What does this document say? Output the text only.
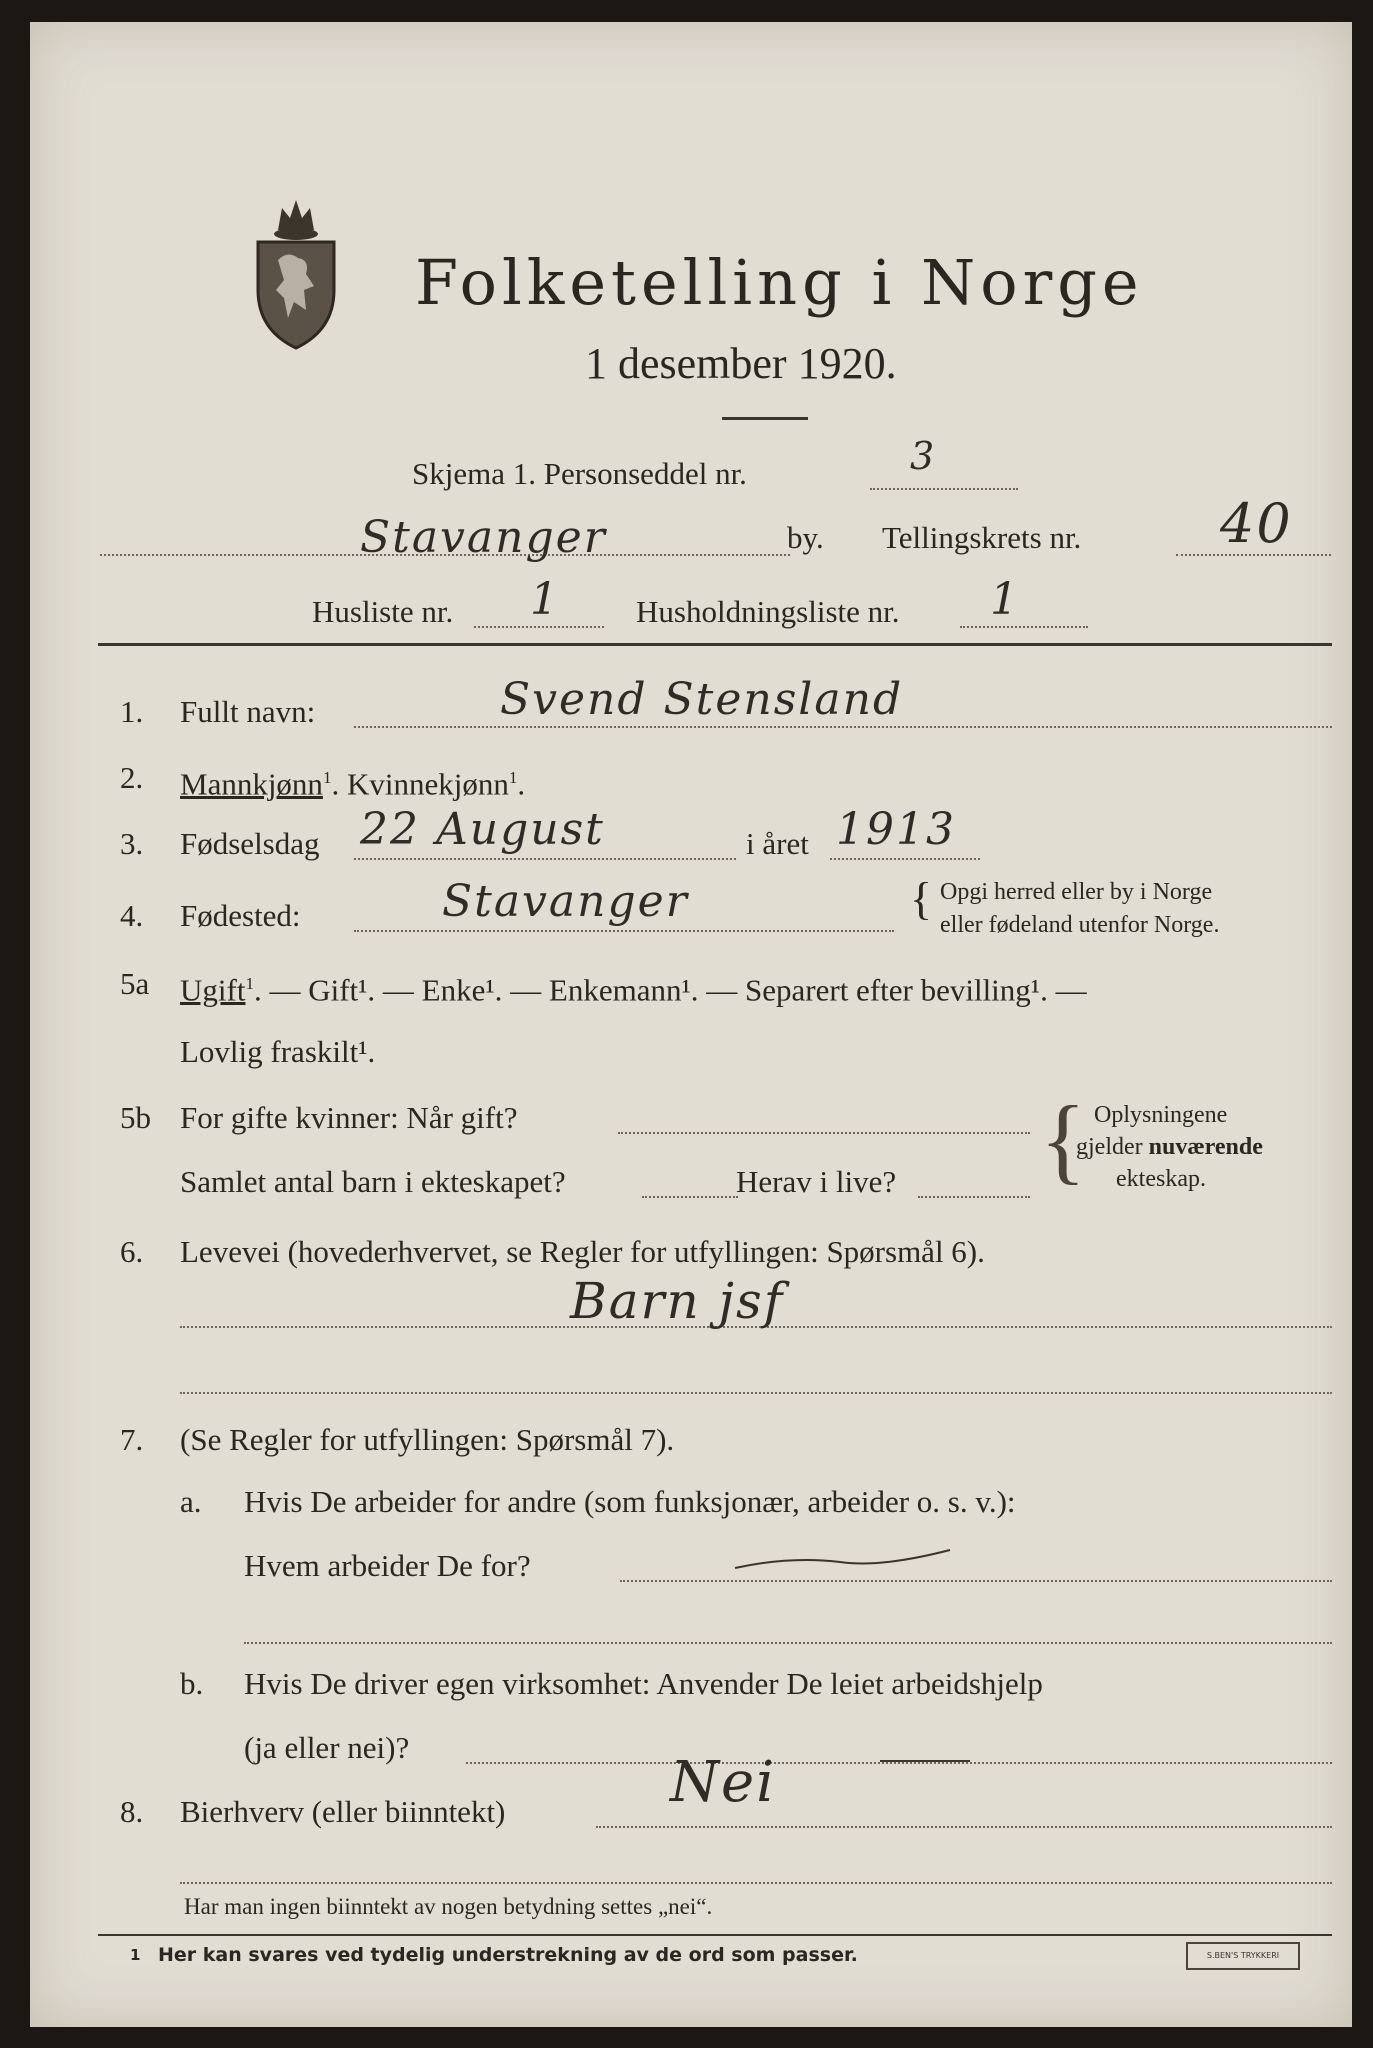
Folketelling i Norge
1 desember 1920.
Skjema 1. Personseddel nr.	3
Stavanger	by. Tellingskrets nr.	40
Husliste nr. 1 Husholdningsliste nr. 1
1. Fullt navn:	Svend Stensland
2. Mannkjønn$^1$. Kvinnekjønn$^1$.
3. Fødselsdag 22 August	i året 1913
4. Fødested:	Stavanger	{ Opgi herred eller by i Norge
eller fødeland utenfor Norge.
5a Ugift$^1$. — Gift¹. — Enke¹. — Enkemann¹. — Separert efter bevilling¹. —
Lovlig fraskilt¹.
5b For gifte kvinner: Når gift?
Samlet antal barn i ekteskapet?	Herav i live? { Oplysningene
gjelder nuværende
ekteskap.
6. Levevei (hovederhvervet, se Regler for utfyllingen: Spørsmål 6).
Barn jsf
7. (Se Regler for utfyllingen: Spørsmål 7).
a. Hvis De arbeider for andre (som funksjonær, arbeider o. s. v.):
Hvem arbeider De for?
b. Hvis De driver egen virksomhet: Anvender De leiet arbeidshjelp
(ja eller nei)?
8. Bierhverv (eller biinntekt)	Nei
Har man ingen biinntekt av nogen betydning settes „nei“.
1 Her kan svares ved tydelig understrekning av de ord som passer.	S.BEN'S TRYKKERI
